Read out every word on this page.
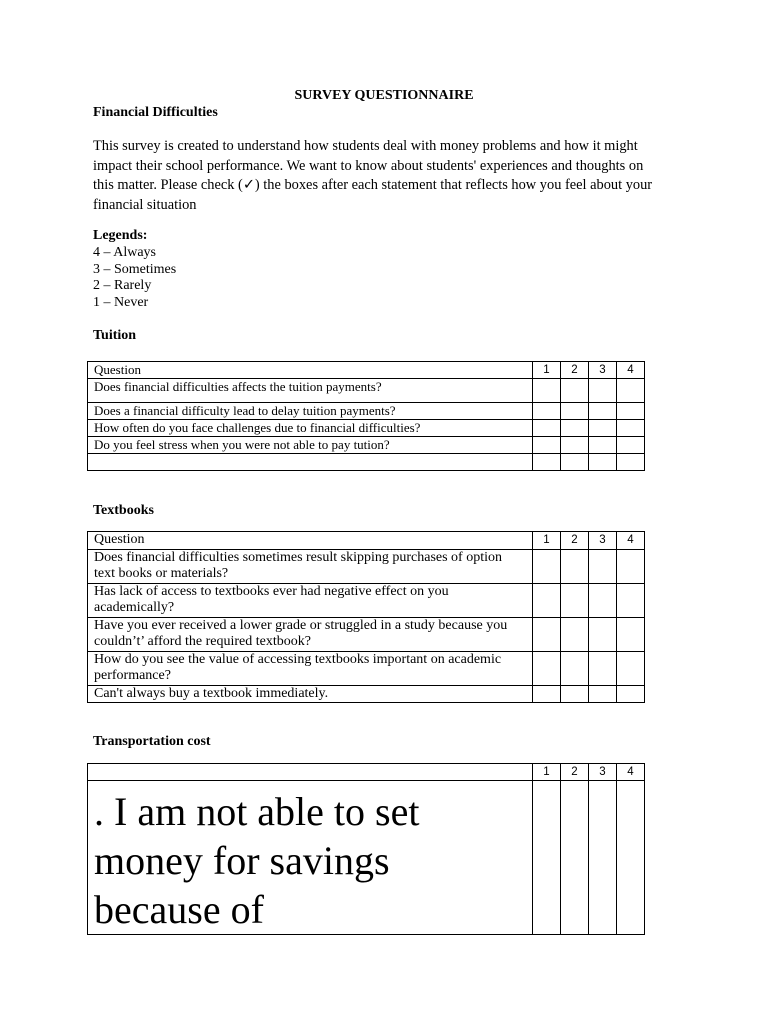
SURVEY QUESTIONNAIRE
Financial Difficulties
This survey is created to understand how students deal with money problems and how it might impact their school performance. We want to know about students' experiences and thoughts on this matter. Please check (✓) the boxes after each statement that reflects how you feel about your financial situation
Legends:
4 – Always
3 – Sometimes
2 – Rarely
1 – Never
Tuition
Question	1	2	3	4
Does financial difficulties affects the tuition payments?				
Does a financial difficulty lead to delay tuition payments?				
How often do you face challenges due to financial difficulties?				
Do you feel stress when you were not able to pay tution?				

Textbooks
Question	1	2	3	4
Does financial difficulties sometimes result skipping purchases of option text books or materials?				
Has lack of access to textbooks ever had negative effect on you academically?				
Have you ever received a lower grade or struggled in a study because you couldn’t’ afford the required textbook?				
How do you see the value of accessing textbooks important on academic performance?				
Can't always buy a textbook immediately.				
Transportation cost
	1	2	3	4
. I am not able to set money for savings because of				
